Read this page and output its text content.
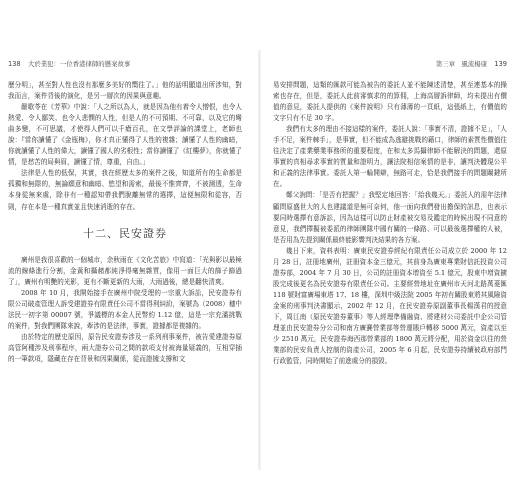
138 大於業犯：一位香港律師的懸案故事

歷分明」，甚至對人性也沒有那麼多美好的嚮往了。」他的話明顯道出所涉知，對我而言，案件背後的演化，是另一層次的因果與意趣。

嚴歌苓在《芳華》中說：「人之所以為人，就是因為他有着令人憎恨，也令人熱愛、令人鄙笑、也令人悲憫的人性，但是人的不可預期、不可靠，以及它的彎曲多變，不可思議，才使得人們可以千瘡百孔，在文學評論的課堂上，老師也說：『當你讀懂了《金瓶梅》，你才真正懂得了人性的複雜；讀懂了人性的幽暗，你就讀懂了人性的偉大，讀懂了國人的劣根性；當你讀懂了《紅樓夢》，你就懂了情，是愁苦的局與眉，讀懂了情，尊重，自由。」

法律是人性的低保，其實，我在經歷太多的案件之後，知道所有的生命都是孤獨和無際的，無論願意和幽暗、慾望和需索，最後不惟齊齊，不被測透，生命本身從無來處，除非有一種認知帶我們脫離無常的選擇，這便無限和從容，否則，存在本是一種真實並且快速消逝的存在。

十二、民安證券

廣州是我很喜歡的一個城市，余秋雨在《文化苦旅》中寫道：「光與影以最極流的線條進行分割，金黃和攝赭都純淨得毫無雜質，像用一面巨大的篩子篩過了」，廣州有明艷的光影，更有不斷更新的大雨，大雨過後，總是翻快清爽。

2008 年 10 月，我開始接手在廣州中院受理的一宗重大訴訟，民安證券有限公司破產管理人訴受建證券有限責任公司不當得利糾紛，案號為（2008）穗中法民一初字第 00007 號，爭議標的本金人民幣約 1.12 億，這是一宗充滿挑戰的案件，對我們團隊來說，牽涉的是法律，事實，證據都是複雜的。

由於特定的歷史原因，原告民安證券涉及一系列刑事案件，被告愛建證券原高管阿種涉及刑事程序，兩大證券公司之間的款項支付被海量疑義的，互相穿插的一筆款項，隱藏在存在背景和因果關係，從而證據支撐和文

第三章　風流楊康 139

易安排問題，這類的匯款可能為被告的委託人並不能陳述清楚，甚至連基本的操索也存在，但是，委託人此前審慎求的的算佣，上海高層訴律師，均未提出有價值的意見，委託人提供的《案件說明》只有薄薄的一頁紙，這張紙上，有價值的文字只有不足 30 字。

我們有太多的理由不接這樣的案件，委託人說：「事實不清，證據不足」，「人手不足，案件棘手」，是事實，但不能成為逃避挑戰的藉口，律師的素質性價值往往決定了產業藥業事務所的重要程度，在和太多馬攝律師不能解決的問題，還原事實的真相尋求事實的質量和證明力，讓法院相信案情的是非，讓判決體現公平和正義的法律事實。委託人第一輪開辯，無路可走，恰是我們接手的問題關鍵所在。

鄭父詢問：「是否有把握？」我堅定地回答：「給我幾天。」委託人的需年法律顧問原盛世大的人也建議道是無可奈何，他一面向我們發出擔保的訊息，也表示要同時選擇有意訴訟，因為這樣可以防止財產被交易及鑑定的時候出現不同意的意見，我們擇擬被委派的律師團隊中國有關的一條路、可以最後選擇權的人被，是否用為先提到關係最終能影響判決結果的各方案。

幾日下來，資料表明：廣東民安證券經紀有限責任公司成立於 2000 年 12 月 28 日，註冊地廣州，註冊資本金三億元，其前身為廣東專業財信託投資公司證券部，2004 年 7 月 30 日，公司的註冊資本增資至 5.1 億元，股東中增資擴股完成後更名為民安證券有限責任公司。主要經營地址在廣州市天河北路萬菱匯 118 號財富廣場東塔 17、18 樓，深圳中級法院 2005 年初有關股東將其風險資金案的刑事判決書顯示，2002 年 12 月，在民安證券原副董事長楊漢君的授意下，周江南（原民安證券董事）等人經理準備融資、將建材公司委託中企公司管理並由民安證券分公司和南方廣賽營業部等營運賬戶轉移 5000 萬元，資產以至少 2510 萬元，民安證券海西那營業部的 1800 萬元將分配，用於資金以往的營業部的民安負責人控制的資產公司，2005 年 6 月起，民安證券持續被政府部門行政監管，同時開始了前進處分的損毀。
